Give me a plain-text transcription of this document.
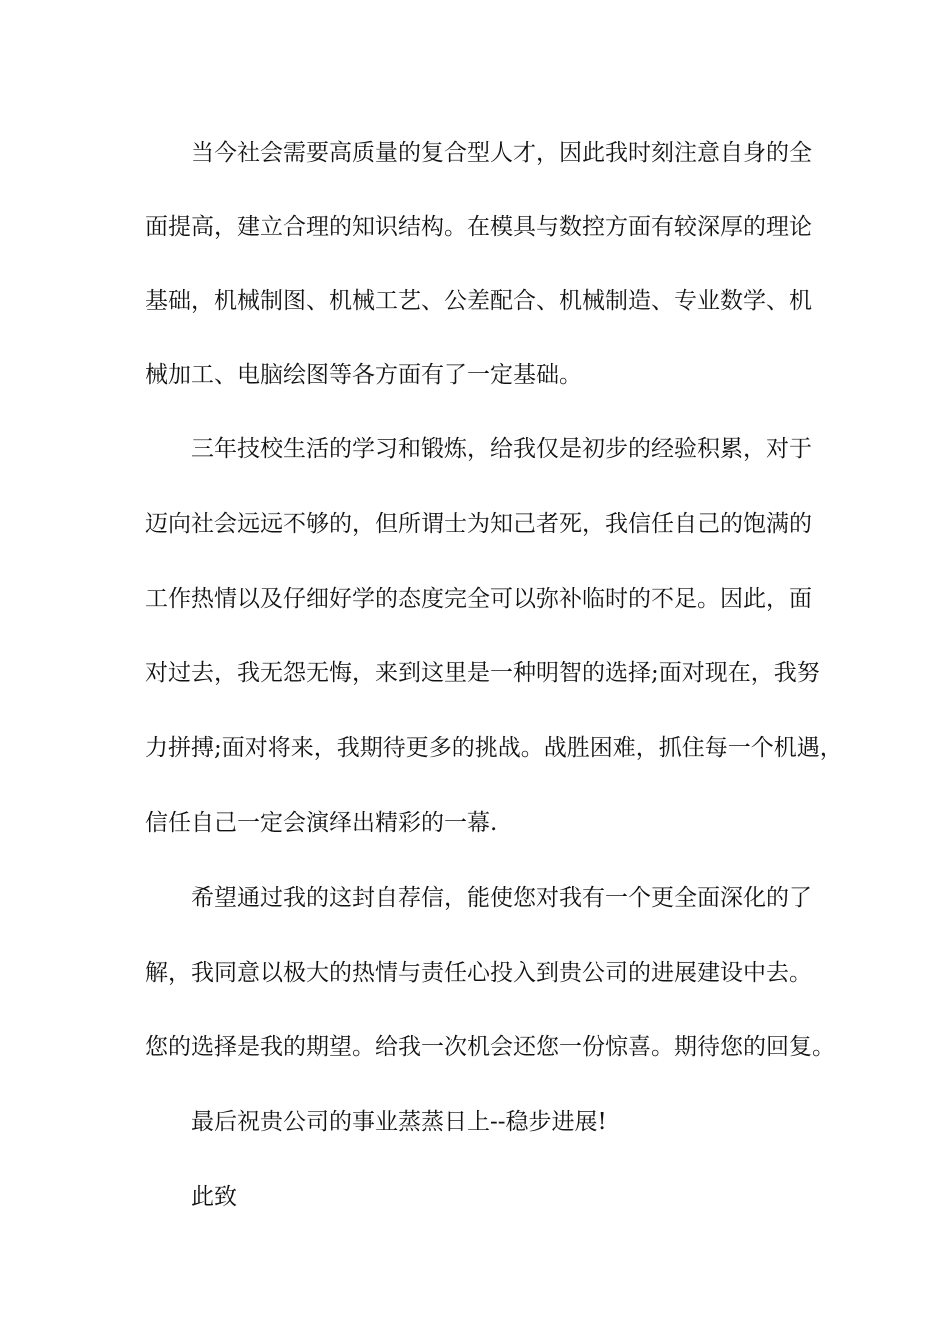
当今社会需要高质量的复合型人才，因此我时刻注意自身的全
面提高，建立合理的知识结构。在模具与数控方面有较深厚的理论
基础，机械制图、机械工艺、公差配合、机械制造、专业数学、机
械加工、电脑绘图等各方面有了一定基础。
三年技校生活的学习和锻炼，给我仅是初步的经验积累，对于
迈向社会远远不够的，但所谓士为知己者死，我信任自己的饱满的
工作热情以及仔细好学的态度完全可以弥补临时的不足。因此，面
对过去，我无怨无悔，来到这里是一种明智的选择;面对现在，我努
力拼搏;面对将来，我期待更多的挑战。战胜困难，抓住每一个机遇，
信任自己一定会演绎出精彩的一幕.
希望通过我的这封自荐信，能使您对我有一个更全面深化的了
解，我同意以极大的热情与责任心投入到贵公司的进展建设中去。
您的选择是我的期望。给我一次机会还您一份惊喜。期待您的回复。
最后祝贵公司的事业蒸蒸日上--稳步进展!
此致
